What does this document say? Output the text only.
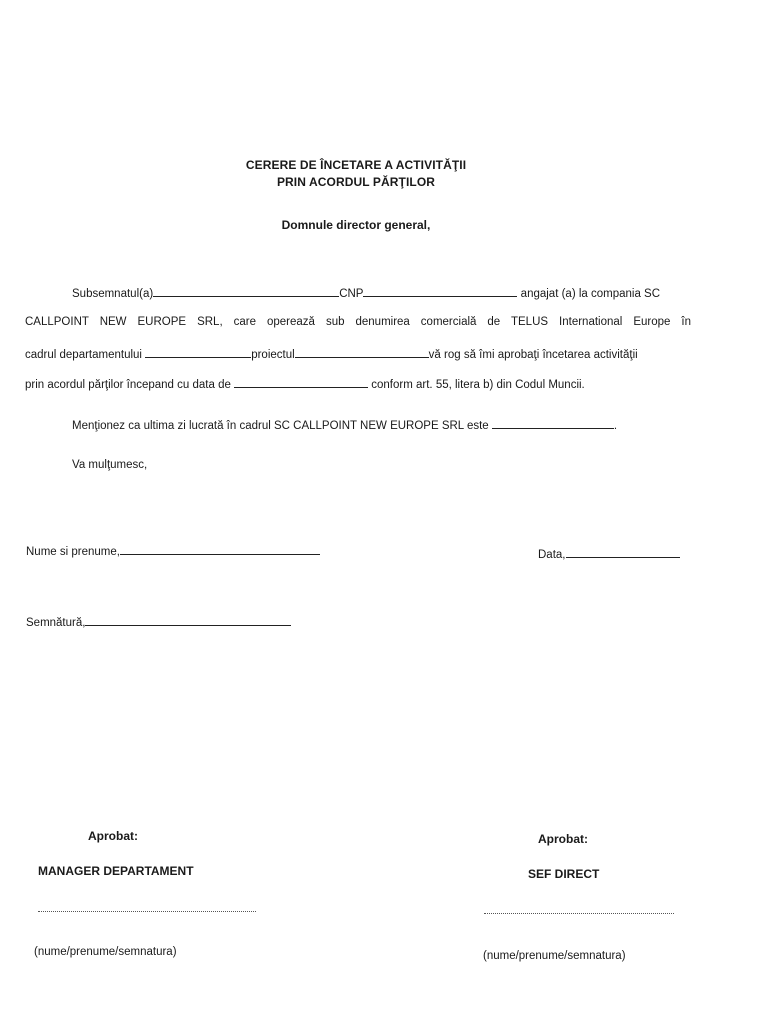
CERERE DE ÎNCETARE A ACTIVITĂŢII
PRIN ACORDUL PĂRŢILOR
Domnule director general,
Subsemnatul(a)	CNP	angajat (a) la compania SC
CALLPOINT NEW EUROPE SRL, care operează sub denumirea comercială de TELUS International Europe în
cadrul departamentului	proiectul	vă rog să îmi aprobaţi încetarea activităţii
prin acordul părţilor începand cu data de	conform art. 55, litera b) din Codul Muncii.
Menţionez ca ultima zi lucrată în cadrul SC CALLPOINT NEW EUROPE SRL este	.
Va mulţumesc,
Nume si prenume,	Data,
Semnătură,
Aprobat:
MANAGER DEPARTAMENT
(nume/prenume/semnatura)
Aprobat:
SEF DIRECT
(nume/prenume/semnatura)
